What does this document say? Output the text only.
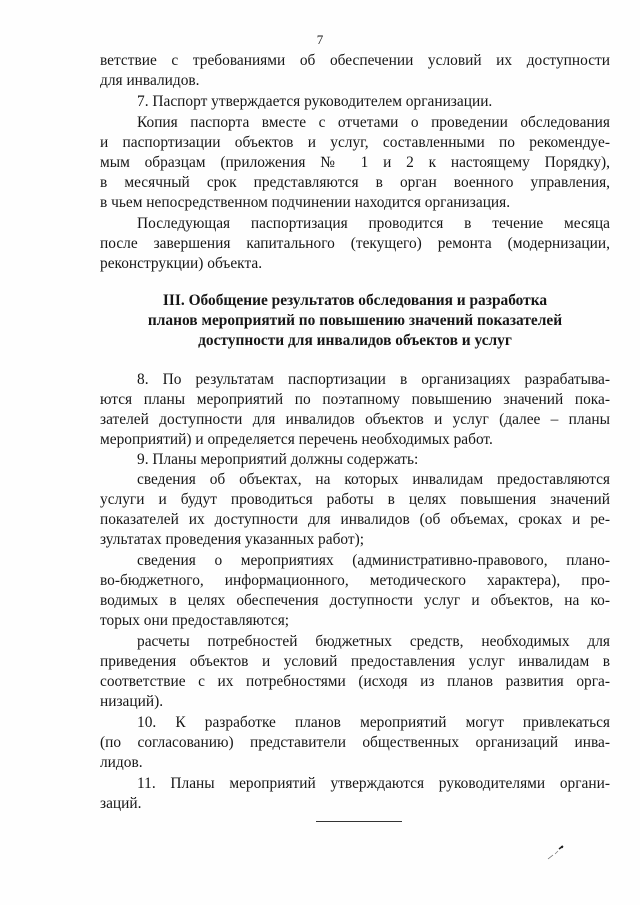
7
ветствие с требованиями об обеспечении условий их доступности
для инвалидов.
7. Паспорт утверждается руководителем организации.
Копия паспорта вместе с отчетами о проведении обследования
и паспортизации объектов и услуг, составленными по рекомендуе-
мым образцам (приложения № 1 и 2 к настоящему Порядку),
в месячный срок представляются в орган военного управления,
в чьем непосредственном подчинении находится организация.
Последующая паспортизация проводится в течение месяца
после завершения капитального (текущего) ремонта (модернизации,
реконструкции) объекта.
III. Обобщение результатов обследования и разработка
планов мероприятий по повышению значений показателей
доступности для инвалидов объектов и услуг
8. По результатам паспортизации в организациях разрабатыва-
ются планы мероприятий по поэтапному повышению значений пока-
зателей доступности для инвалидов объектов и услуг (далее – планы
мероприятий) и определяется перечень необходимых работ.
9. Планы мероприятий должны содержать:
сведения об объектах, на которых инвалидам предоставляются
услуги и будут проводиться работы в целях повышения значений
показателей их доступности для инвалидов (об объемах, сроках и ре-
зультатах проведения указанных работ);
сведения о мероприятиях (административно-правового, плано-
во-бюджетного, информационного, методического характера), про-
водимых в целях обеспечения доступности услуг и объектов, на ко-
торых они предоставляются;
расчеты потребностей бюджетных средств, необходимых для
приведения объектов и условий предоставления услуг инвалидам в
соответствие с их потребностями (исходя из планов развития орга-
низаций).
10. К разработке планов мероприятий могут привлекаться
(по согласованию) представители общественных организаций инва-
лидов.
11. Планы мероприятий утверждаются руководителями органи-
заций.
